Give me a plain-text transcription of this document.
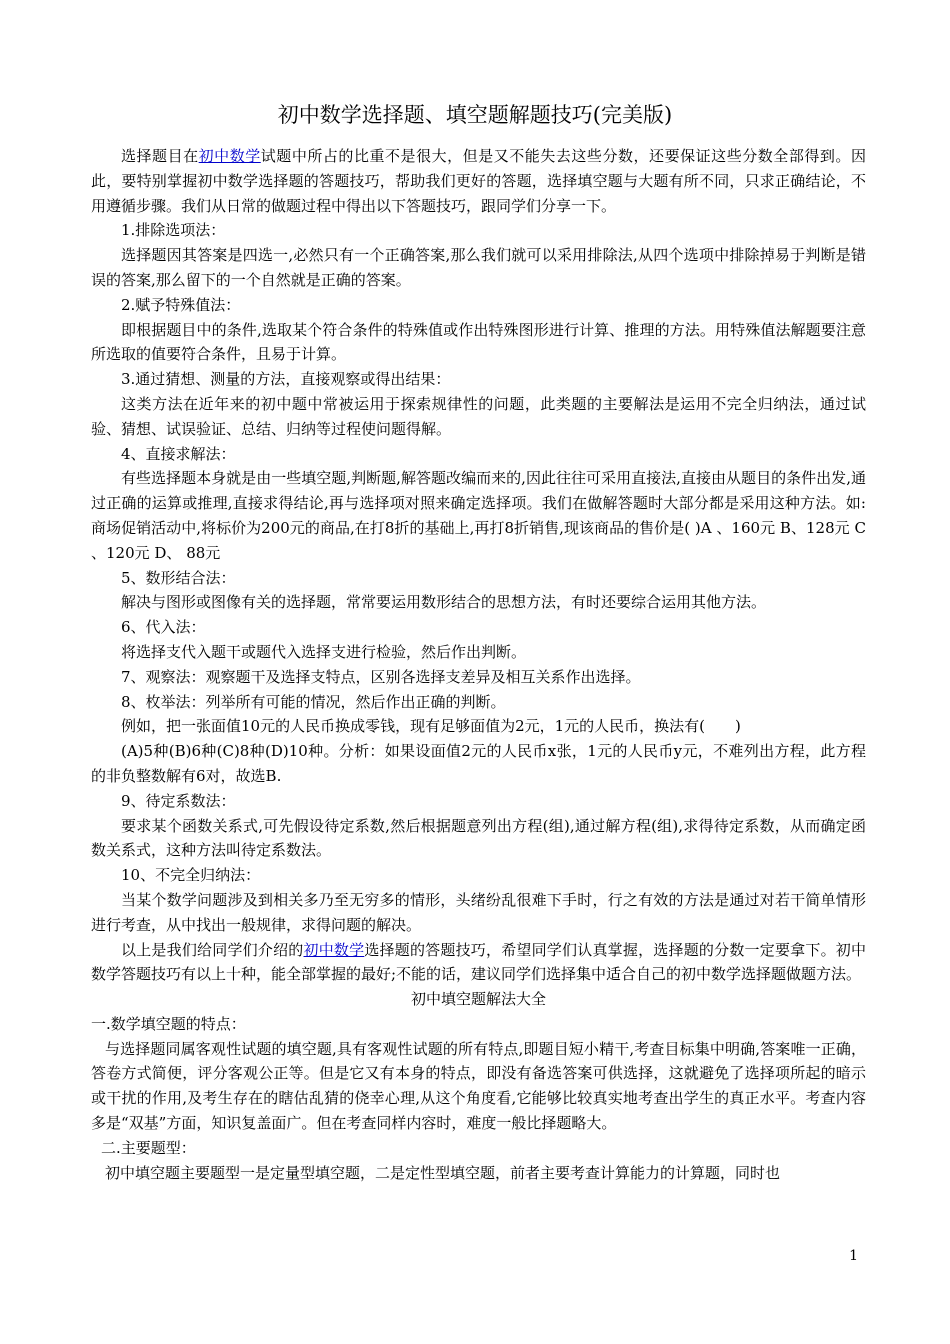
初中数学选择题、填空题解题技巧(完美版)

选择题目在初中数学试题中所占的比重不是很大，但是又不能失去这些分数，还要保证这些分数全部得到。因此，要特别掌握初中数学选择题的答题技巧，帮助我们更好的答题，选择填空题与大题有所不同，只求正确结论，不用遵循步骤。我们从日常的做题过程中得出以下答题技巧，跟同学们分享一下。

1.排除选项法：

选择题因其答案是四选一,必然只有一个正确答案,那么我们就可以采用排除法,从四个选项中排除掉易于判断是错误的答案,那么留下的一个自然就是正确的答案。

2.赋予特殊值法：

即根据题目中的条件,选取某个符合条件的特殊值或作出特殊图形进行计算、推理的方法。用特殊值法解题要注意所选取的值要符合条件，且易于计算。

3.通过猜想、测量的方法，直接观察或得出结果：

这类方法在近年来的初中题中常被运用于探索规律性的问题，此类题的主要解法是运用不完全归纳法，通过试验、猜想、试误验证、总结、归纳等过程使问题得解。

4、直接求解法：

有些选择题本身就是由一些填空题,判断题,解答题改编而来的,因此往往可采用直接法,直接由从题目的条件出发,通过正确的运算或推理,直接求得结论,再与选择项对照来确定选择项。我们在做解答题时大部分都是采用这种方法。如:商场促销活动中,将标价为200元的商品,在打8折的基础上,再打8折销售,现该商品的售价是( )A 、160元 B、128元 C 、120元 D、 88元

5、数形结合法：

解决与图形或图像有关的选择题，常常要运用数形结合的思想方法，有时还要综合运用其他方法。

6、代入法：

将选择支代入题干或题代入选择支进行检验，然后作出判断。

7、观察法：观察题干及选择支特点，区别各选择支差异及相互关系作出选择。

8、枚举法：列举所有可能的情况，然后作出正确的判断。

例如，把一张面值10元的人民币换成零钱，现有足够面值为2元，1元的人民币，换法有(　　)

(A)5种(B)6种(C)8种(D)10种。分析：如果设面值2元的人民币x张，1元的人民币y元，不难列出方程，此方程的非负整数解有6对，故选B.

9、待定系数法：

要求某个函数关系式,可先假设待定系数,然后根据题意列出方程(组),通过解方程(组),求得待定系数，从而确定函数关系式，这种方法叫待定系数法。

10、不完全归纳法：

当某个数学问题涉及到相关多乃至无穷多的情形，头绪纷乱很难下手时，行之有效的方法是通过对若干简单情形进行考查，从中找出一般规律，求得问题的解决。

以上是我们给同学们介绍的初中数学选择题的答题技巧，希望同学们认真掌握，选择题的分数一定要拿下。初中数学答题技巧有以上十种，能全部掌握的最好;不能的话，建议同学们选择集中适合自己的初中数学选择题做题方法。

初中填空题解法大全

一.数学填空题的特点：

与选择题同属客观性试题的填空题,具有客观性试题的所有特点,即题目短小精干,考查目标集中明确,答案唯一正确，答卷方式简便，评分客观公正等。但是它又有本身的特点，即没有备选答案可供选择，这就避免了选择项所起的暗示或干扰的作用,及考生存在的瞎估乱猜的侥幸心理,从这个角度看,它能够比较真实地考查出学生的真正水平。考查内容多是“双基”方面，知识复盖面广。但在考查同样内容时，难度一般比择题略大。

二.主要题型：

初中填空题主要题型一是定量型填空题，二是定性型填空题，前者主要考查计算能力的计算题，同时也

1
